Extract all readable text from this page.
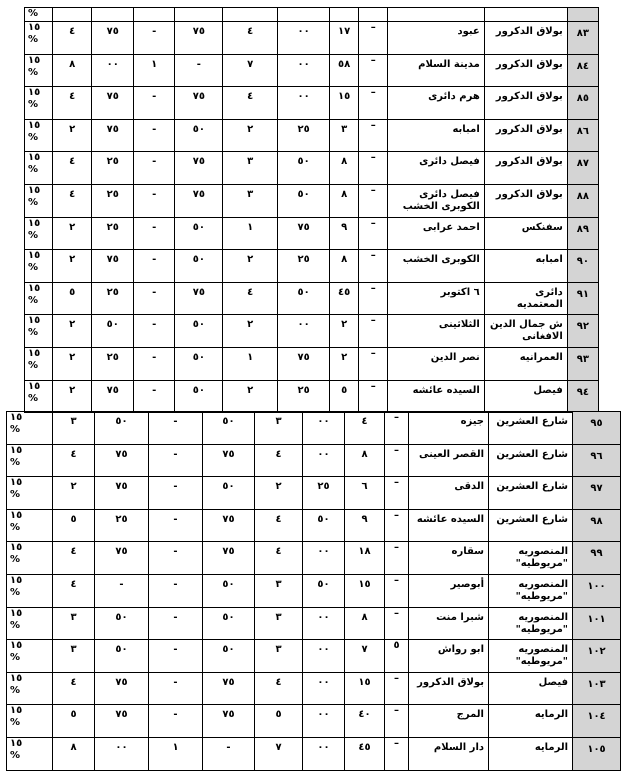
%											

١٥
%	٤	٧٥	-	٧٥	٤	٠٠	١٧	–	عبود	بولاق الدكرور	٨٣

١٥
%	٨	٠٠	١	-	٧	٠٠	٥٨	–	مدينة السلام	بولاق الدكرور	٨٤

١٥
%	٤	٧٥	-	٧٥	٤	٠٠	١٥	–	هرم دائرى	بولاق الدكرور	٨٥

١٥
%	٢	٧٥	-	٥٠	٢	٢٥	٣	–	امبابه	بولاق الدكرور	٨٦

١٥
%	٤	٢٥	-	٧٥	٣	٥٠	٨	–	فيصل دائرى	بولاق الدكرور	٨٧

١٥
%	٤	٢٥	-	٧٥	٣	٥٠	٨	–	فيصل دائرى الكوبرى الخشب	بولاق الدكرور	٨٨

١٥
%	٢	٢٥	-	٥٠	١	٧٥	٩	–	احمد عرابى	سفنكس	٨٩

١٥
%	٢	٧٥	-	٥٠	٢	٢٥	٨	–	الكوبرى الخشب	امبابه	٩٠

١٥
%	٥	٢٥	-	٧٥	٤	٥٠	٤٥	–	٦ اكتوبر	دائرى المعتمديه	٩١

١٥
%	٢	٥٠	-	٥٠	٢	٠٠	٢	–	الثلاثينى	ش جمال الدين الافغانى	٩٢

١٥
%	٢	٢٥	-	٥٠	١	٧٥	٢	–	نصر الدين	العمرانيه	٩٣

١٥
%	٢	٧٥	-	٥٠	٢	٢٥	٥	–	السيده عائشه	فيصل	٩٤
١٥
%	٣	٥٠	-	٥٠	٣	٠٠	٤	–	جيزه	شارع العشرين	٩٥

١٥
%	٤	٧٥	-	٧٥	٤	٠٠	٨	–	القصر العينى	شارع العشرين	٩٦

١٥
%	٢	٧٥	-	٥٠	٢	٢٥	٦	–	الدقى	شارع العشرين	٩٧

١٥
%	٥	٢٥	-	٧٥	٤	٥٠	٩	–	السيده عائشه	شارع العشرين	٩٨

١٥
%	٤	٧٥	-	٧٥	٤	٠٠	١٨	–	سقاره	المنصوريه "مريوطيه"	٩٩

١٥
%	٤	-	-	٥٠	٣	٥٠	١٥	–	أبوصير	المنصوريه "مريوطيه"	١٠٠

١٥
%	٣	٥٠	-	٥٠	٣	٠٠	٨	–	شبرا منت	المنصوريه "مريوطيه"	١٠١

١٥
%	٣	٥٠	-	٥٠	٣	٠٠	٧	٥	ابو رواش	المنصوريه "مريوطيه"	١٠٢

١٥
%	٤	٧٥	-	٧٥	٤	٠٠	١٥	–	بولاق الدكرور	فيصل	١٠٣

١٥
%	٥	٧٥	-	٧٥	٥	٠٠	٤٠	–	المرج	الرمايه	١٠٤

١٥
%	٨	٠٠	١	-	٧	٠٠	٤٥	–	دار السلام	الرمايه	١٠٥
